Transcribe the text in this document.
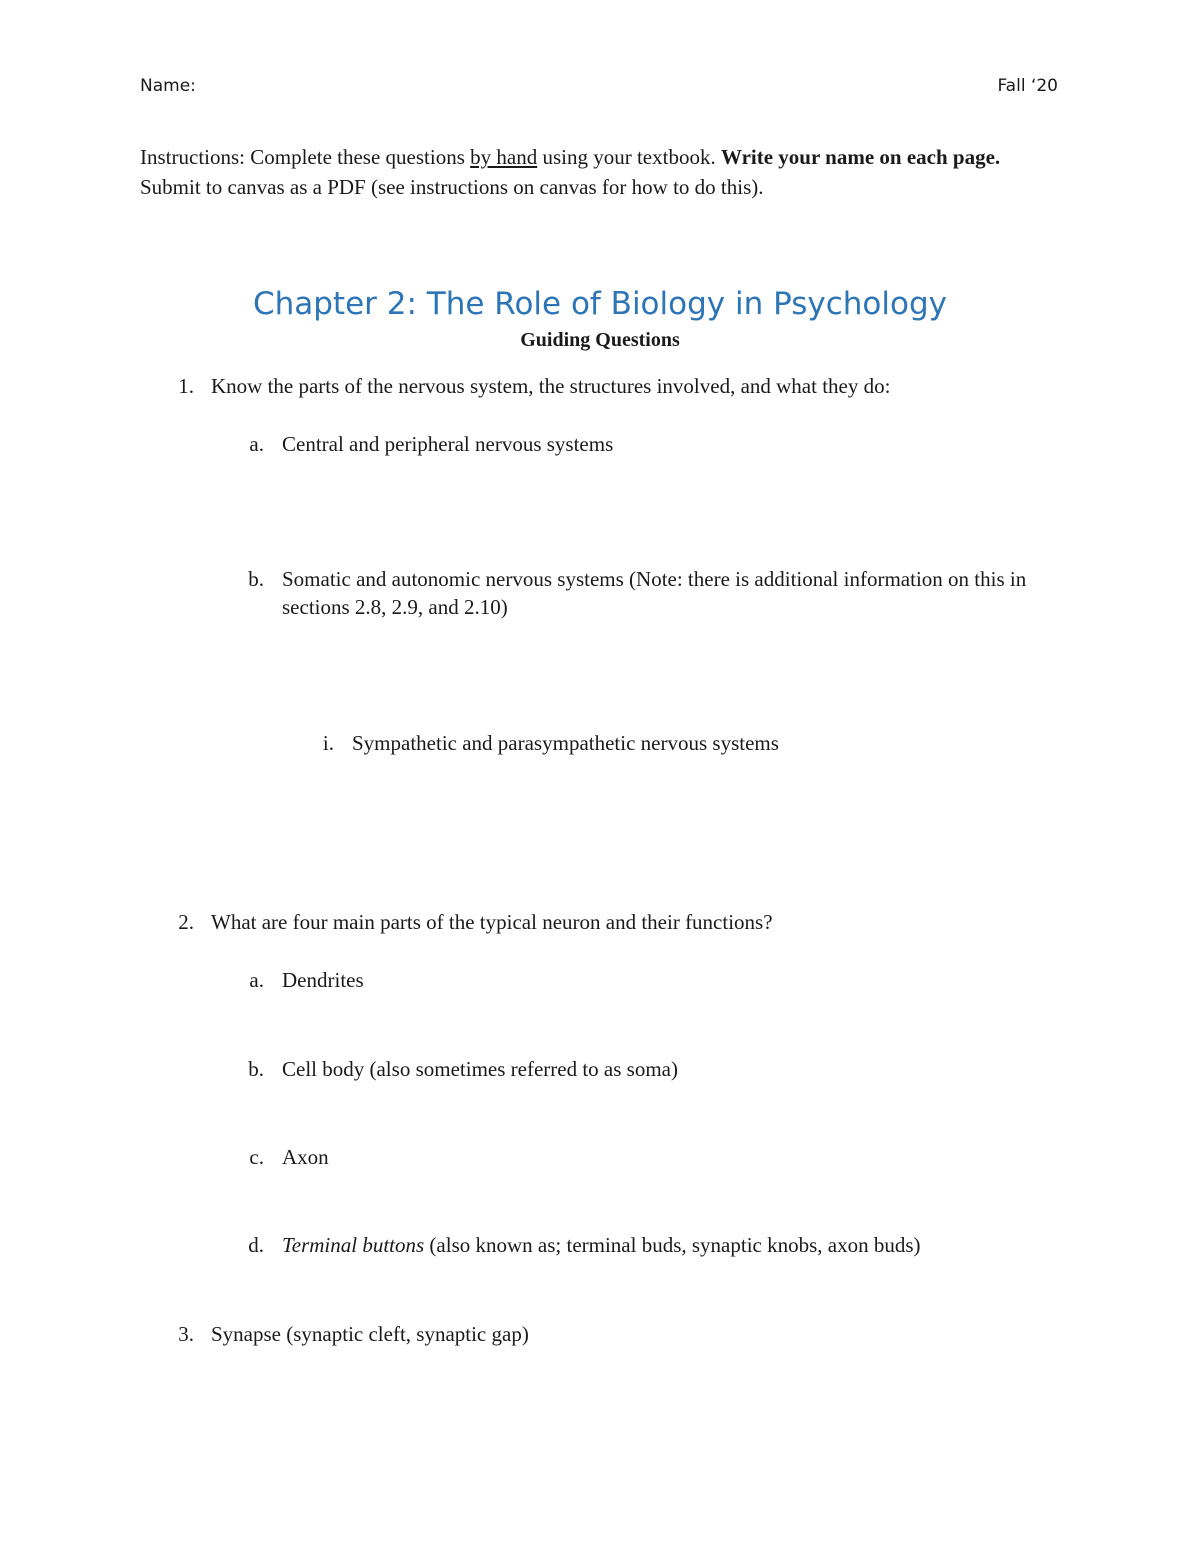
Name:	Fall ‘20
Instructions: Complete these questions by hand using your textbook. Write your name on each page. Submit to canvas as a PDF (see instructions on canvas for how to do this).
Chapter 2: The Role of Biology in Psychology
Guiding Questions
1. Know the parts of the nervous system, the structures involved, and what they do:
a. Central and peripheral nervous systems
b. Somatic and autonomic nervous systems (Note: there is additional information on this in sections 2.8, 2.9, and 2.10)
i. Sympathetic and parasympathetic nervous systems
2. What are four main parts of the typical neuron and their functions?
a. Dendrites
b. Cell body (also sometimes referred to as soma)
c. Axon
d. Terminal buttons (also known as; terminal buds, synaptic knobs, axon buds)
3. Synapse (synaptic cleft, synaptic gap)
